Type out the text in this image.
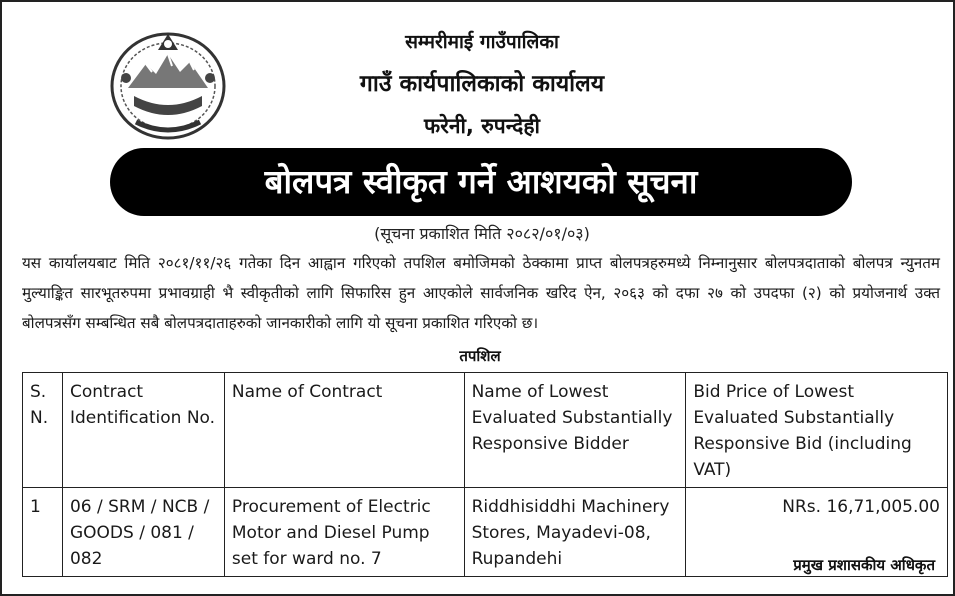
सम्मरीमाई गाउँपालिका
गाउँ कार्यपालिकाको कार्यालय
फरेनी, रुपन्देही
बोलपत्र स्वीकृत गर्ने आशयको सूचना
(सूचना प्रकाशित मिति २०८२/०१/०३)

यस कार्यालयबाट मिति २०८१/११/२६ गतेका दिन आह्वान गरिएको तपशिल बमोजिमको ठेक्कामा प्राप्त बोलपत्रहरुमध्ये निम्नानुसार बोलपत्रदाताको बोलपत्र न्युनतम मुल्याङ्कित सारभूतरुपमा प्रभावग्राही भै स्वीकृतीको लागि सिफारिस हुन आएकोले सार्वजनिक खरिद ऐन, २०६३ को दफा २७ को उपदफा (२) को प्रयोजनार्थ उक्त बोलपत्रसँग सम्बन्धित सबै बोलपत्रदाताहरुको जानकारीको लागि यो सूचना प्रकाशित गरिएको छ।

तपशिल
S. N.	Contract Identification No.	Name of Contract	Name of Lowest Evaluated Substantially Responsive Bidder	Bid Price of Lowest Evaluated Substantially Responsive Bid (including VAT)
1	06 / SRM / NCB / GOODS / 081 / 082	Procurement of Electric Motor and Diesel Pump set for ward no. 7	Riddhisiddhi Machinery Stores, Mayadevi-08, Rupandehi	NRs. 16,71,005.00
प्रमुख प्रशासकीय अधिकृत
